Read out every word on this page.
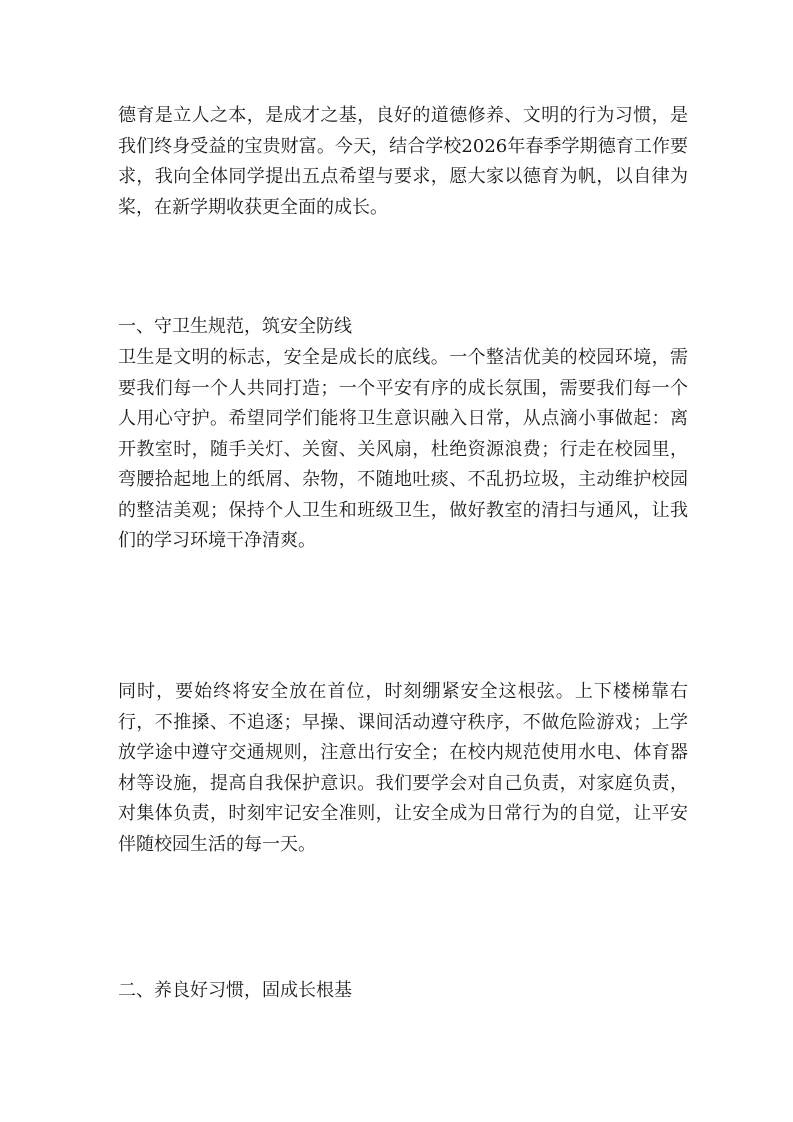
德育是立人之本，是成才之基，良好的道德修养、文明的行为习惯，是我们终身受益的宝贵财富。今天，结合学校2026年春季学期德育工作要求，我向全体同学提出五点希望与要求，愿大家以德育为帆，以自律为桨，在新学期收获更全面的成长。

一、守卫生规范，筑安全防线

卫生是文明的标志，安全是成长的底线。一个整洁优美的校园环境，需要我们每一个人共同打造；一个平安有序的成长氛围，需要我们每一个人用心守护。希望同学们能将卫生意识融入日常，从点滴小事做起：离开教室时，随手关灯、关窗、关风扇，杜绝资源浪费；行走在校园里，弯腰拾起地上的纸屑、杂物，不随地吐痰、不乱扔垃圾，主动维护校园的整洁美观；保持个人卫生和班级卫生，做好教室的清扫与通风，让我们的学习环境干净清爽。

同时，要始终将安全放在首位，时刻绷紧安全这根弦。上下楼梯靠右行，不推搡、不追逐；早操、课间活动遵守秩序，不做危险游戏；上学放学途中遵守交通规则，注意出行安全；在校内规范使用水电、体育器材等设施，提高自我保护意识。我们要学会对自己负责，对家庭负责，对集体负责，时刻牢记安全准则，让安全成为日常行为的自觉，让平安伴随校园生活的每一天。

二、养良好习惯，固成长根基
